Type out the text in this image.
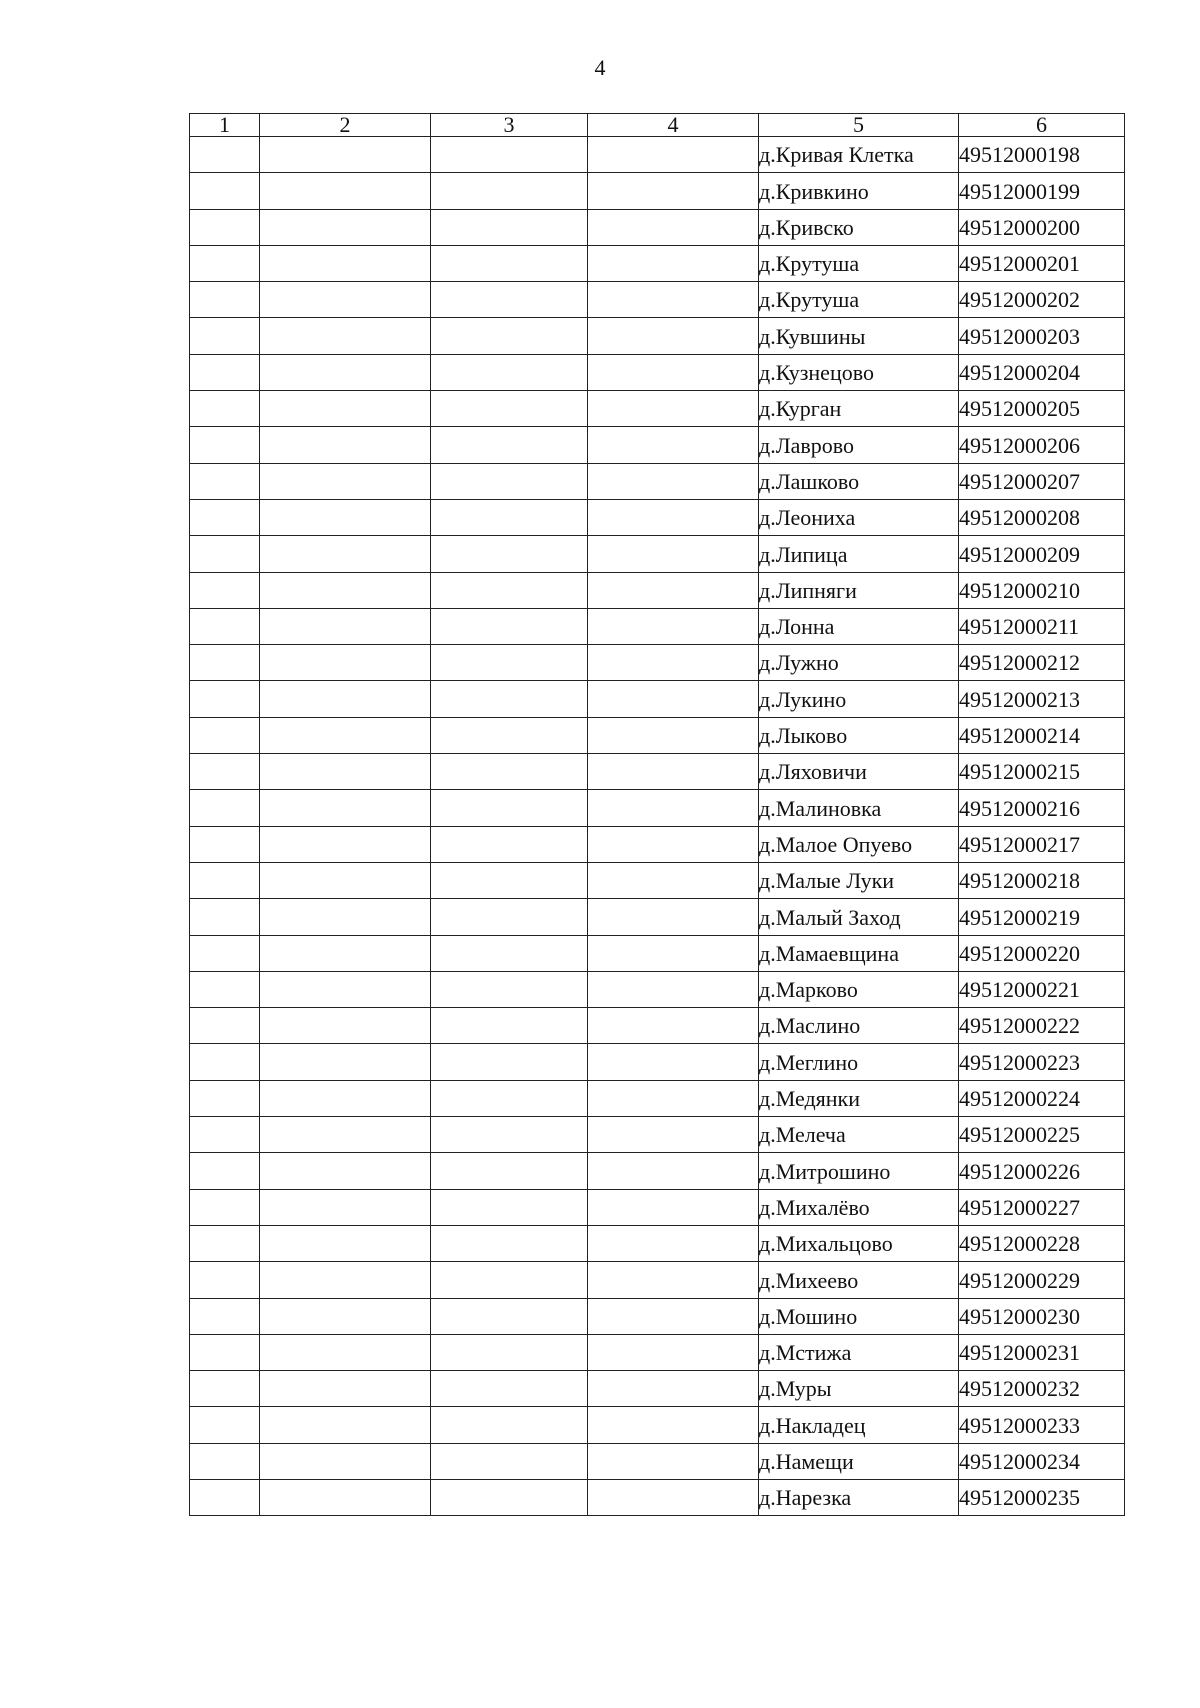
4
1	2	3	4	5	6
				д.Кривая Клетка	49512000198
				д.Кривкино	49512000199
				д.Кривско	49512000200
				д.Крутуша	49512000201
				д.Крутуша	49512000202
				д.Кувшины	49512000203
				д.Кузнецово	49512000204
				д.Курган	49512000205
				д.Лаврово	49512000206
				д.Лашково	49512000207
				д.Леониха	49512000208
				д.Липица	49512000209
				д.Липняги	49512000210
				д.Лонна	49512000211
				д.Лужно	49512000212
				д.Лукино	49512000213
				д.Лыково	49512000214
				д.Ляховичи	49512000215
				д.Малиновка	49512000216
				д.Малое Опуево	49512000217
				д.Малые Луки	49512000218
				д.Малый Заход	49512000219
				д.Мамаевщина	49512000220
				д.Марково	49512000221
				д.Маслино	49512000222
				д.Меглино	49512000223
				д.Медянки	49512000224
				д.Мелеча	49512000225
				д.Митрошино	49512000226
				д.Михалёво	49512000227
				д.Михальцово	49512000228
				д.Михеево	49512000229
				д.Мошино	49512000230
				д.Мстижа	49512000231
				д.Муры	49512000232
				д.Накладец	49512000233
				д.Намещи	49512000234
				д.Нарезка	49512000235
